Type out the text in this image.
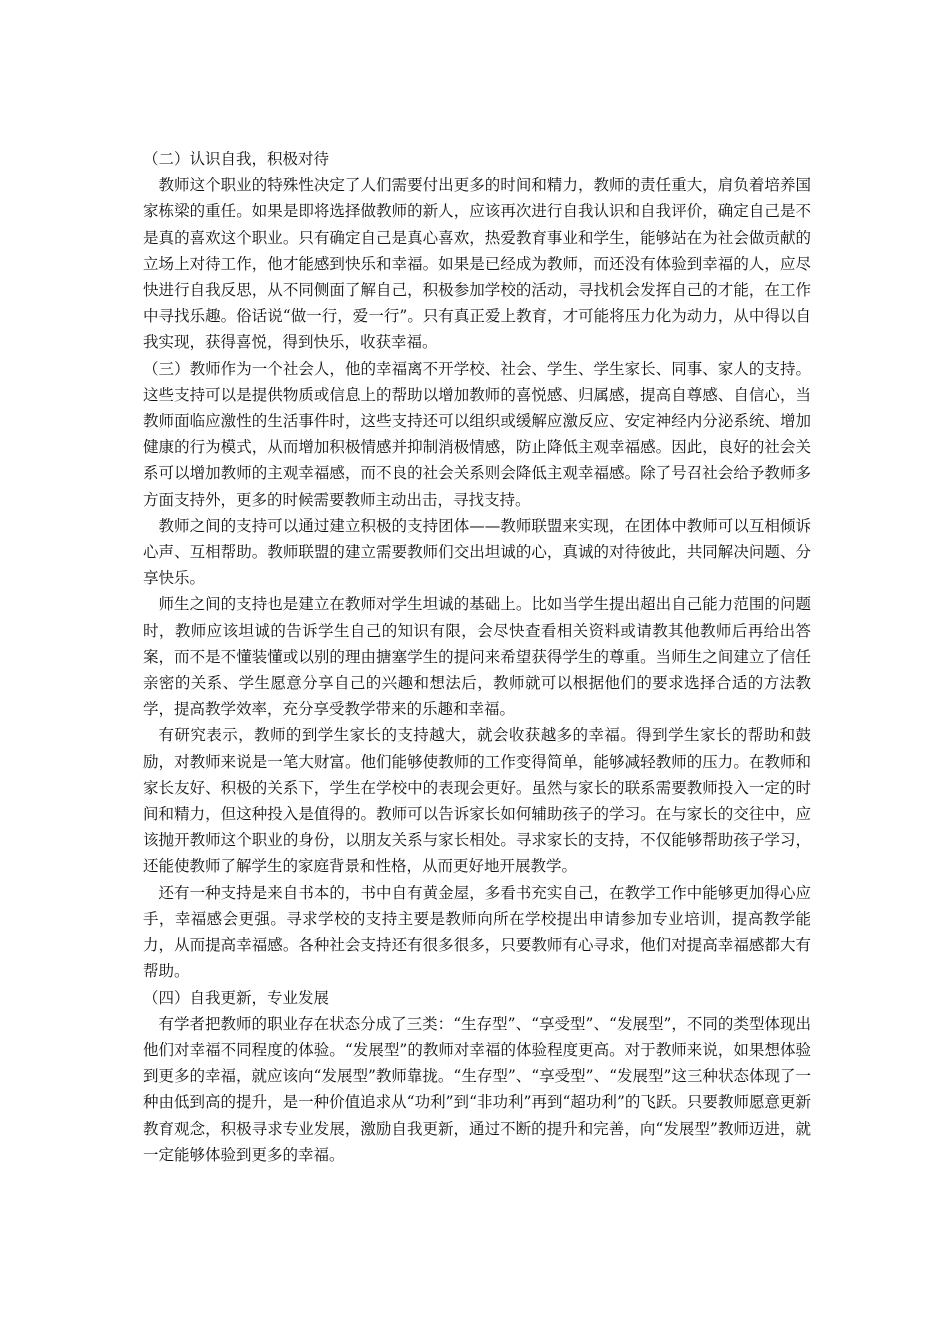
（二）认识自我，积极对待

教师这个职业的特殊性决定了人们需要付出更多的时间和精力，教师的责任重大，肩负着培养国家栋梁的重任。如果是即将选择做教师的新人，应该再次进行自我认识和自我评价，确定自己是不是真的喜欢这个职业。只有确定自己是真心喜欢，热爱教育事业和学生，能够站在为社会做贡献的立场上对待工作，他才能感到快乐和幸福。如果是已经成为教师，而还没有体验到幸福的人，应尽快进行自我反思，从不同侧面了解自己，积极参加学校的活动，寻找机会发挥自己的才能，在工作中寻找乐趣。俗话说“做一行，爱一行”。只有真正爱上教育，才可能将压力化为动力，从中得以自我实现，获得喜悦，得到快乐，收获幸福。

（三）教师作为一个社会人，他的幸福离不开学校、社会、学生、学生家长、同事、家人的支持。这些支持可以是提供物质或信息上的帮助以增加教师的喜悦感、归属感，提高自尊感、自信心，当教师面临应激性的生活事件时，这些支持还可以组织或缓解应激反应、安定神经内分泌系统、增加健康的行为模式，从而增加积极情感并抑制消极情感，防止降低主观幸福感。因此，良好的社会关系可以增加教师的主观幸福感，而不良的社会关系则会降低主观幸福感。除了号召社会给予教师多方面支持外，更多的时候需要教师主动出击，寻找支持。

教师之间的支持可以通过建立积极的支持团体——教师联盟来实现，在团体中教师可以互相倾诉心声、互相帮助。教师联盟的建立需要教师们交出坦诚的心，真诚的对待彼此，共同解决问题、分享快乐。

师生之间的支持也是建立在教师对学生坦诚的基础上。比如当学生提出超出自己能力范围的问题时，教师应该坦诚的告诉学生自己的知识有限，会尽快查看相关资料或请教其他教师后再给出答案，而不是不懂装懂或以别的理由搪塞学生的提问来希望获得学生的尊重。当师生之间建立了信任亲密的关系、学生愿意分享自己的兴趣和想法后，教师就可以根据他们的要求选择合适的方法教学，提高教学效率，充分享受教学带来的乐趣和幸福。

有研究表示，教师的到学生家长的支持越大，就会收获越多的幸福。得到学生家长的帮助和鼓励，对教师来说是一笔大财富。他们能够使教师的工作变得简单，能够减轻教师的压力。在教师和家长友好、积极的关系下，学生在学校中的表现会更好。虽然与家长的联系需要教师投入一定的时间和精力，但这种投入是值得的。教师可以告诉家长如何辅助孩子的学习。在与家长的交往中，应该抛开教师这个职业的身份，以朋友关系与家长相处。寻求家长的支持，不仅能够帮助孩子学习，还能使教师了解学生的家庭背景和性格，从而更好地开展教学。

还有一种支持是来自书本的，书中自有黄金屋，多看书充实自己，在教学工作中能够更加得心应手，幸福感会更强。寻求学校的支持主要是教师向所在学校提出申请参加专业培训，提高教学能力，从而提高幸福感。各种社会支持还有很多很多，只要教师有心寻求，他们对提高幸福感都大有帮助。

（四）自我更新，专业发展

有学者把教师的职业存在状态分成了三类：“生存型”、“享受型”、“发展型”，不同的类型体现出他们对幸福不同程度的体验。“发展型”的教师对幸福的体验程度更高。对于教师来说，如果想体验到更多的幸福，就应该向“发展型”教师靠拢。“生存型”、“享受型”、“发展型”这三种状态体现了一种由低到高的提升，是一种价值追求从“功利”到“非功利”再到“超功利”的飞跃。只要教师愿意更新教育观念，积极寻求专业发展，激励自我更新，通过不断的提升和完善，向“发展型”教师迈进，就一定能够体验到更多的幸福。
